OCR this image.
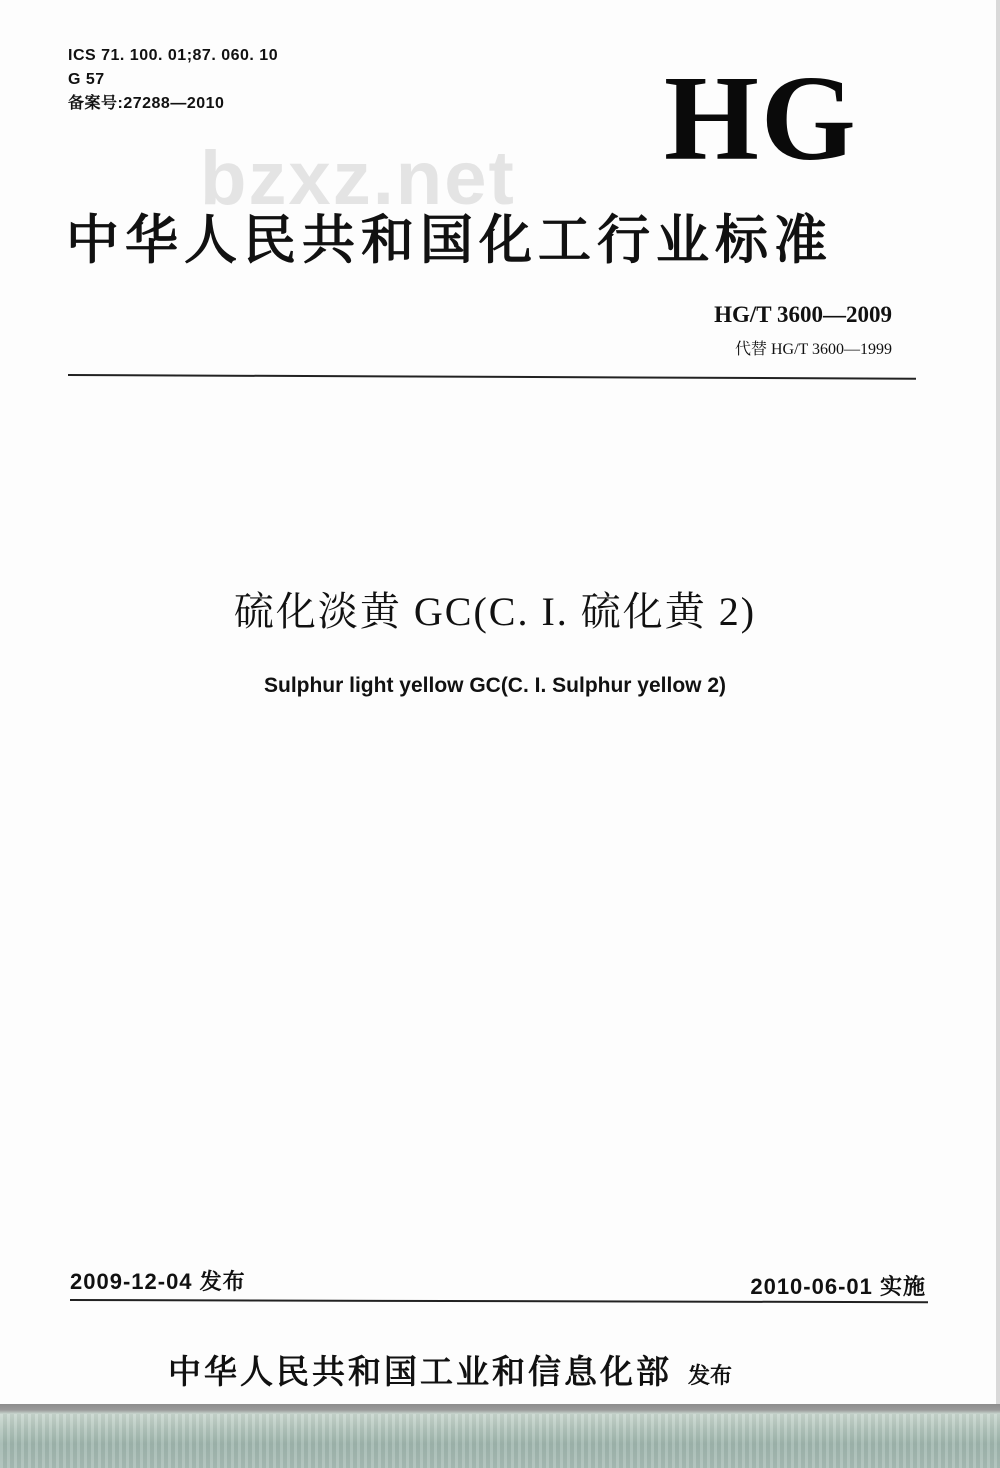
ICS 71. 100. 01;87. 060. 10
G 57
备案号:27288—2010	HG
bzxz.net
中华人民共和国化工行业标准
HG/T 3600—2009
代替 HG/T 3600—1999
硫化淡黄 GC(C. I. 硫化黄 2)
Sulphur light yellow GC(C. I. Sulphur yellow 2)
2009-12-04 发布	2010-06-01 实施
中华人民共和国工业和信息化部 发布
